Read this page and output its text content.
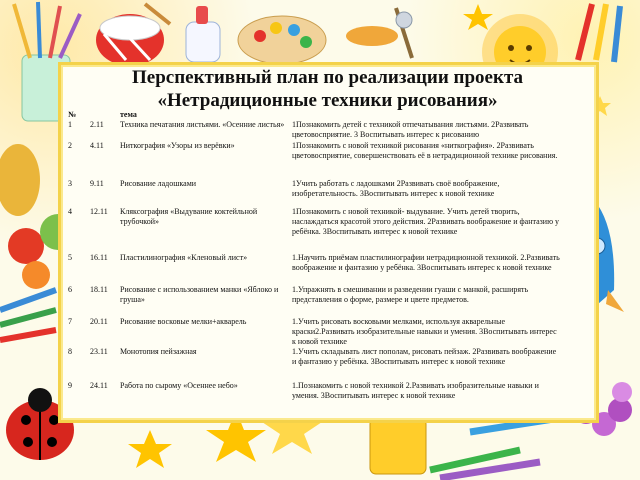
Перспективный план по реализации проекта
«Нетрадиционные техники рисования»
№		тема	
1	2.11	Техника печатания листьями. «Осенние листья»	1Познакомить детей с техникой отпечатывания листьями. 2Развивать цветовосприятие. 3 Воспитывать интерес к рисованию
2	4.11	Ниткография «Узоры из верёвки»	1Познакомить с новой техникой рисования «ниткография». 2Развивать цветовосприятие, совершенствовать её в нетрадиционной технике рисования.
3	9.11	Рисование ладошками	1Учить работать с ладошками 2Развивать своё воображение, изобретательность. 3Воспитывать интерес к новой технике
4	12.11	Кляксография «Выдувание коктейльной трубочкой»	1Познакомить с новой техникой- выдувание. Учить детей творить, наслаждаться красотой этого действия. 2Развивать воображение и фантазию у ребёнка. 3Воспитывать интерес к новой технике
5	16.11	Пластилинография «Кленовый лист»	1.Научить приёмам пластилинографии нетрадиционной техникой. 2.Развивать воображение и фантазию у ребёнка. 3Воспитывать интерес к новой технике
6	18.11	Рисование с использованием манки «Яблоко и груша»	1.Упражнять в смешивании и разведении гуаши с манкой, расширять представления о форме, размере и цвете предметов.
7	20.11	Рисование восковые мелки+акварель	1.Учить рисовать восковыми мелками, используя акварельные краски2.Развивать изобразительные навыки и умения. 3Воспитывать интерес к новой технике
8	23.11	Монотопия пейзажная	1.Учить складывать лист пополам, рисовать пейзаж. 2Развивать воображение и фантазию у ребёнка. 3Воспитывать интерес к новой технике
9	24.11	Работа по сырому «Осеннее небо»	1.Познакомить с новой техникой 2.Развивать изобразительные навыки и умения. 3Воспитывать интерес к новой технике
